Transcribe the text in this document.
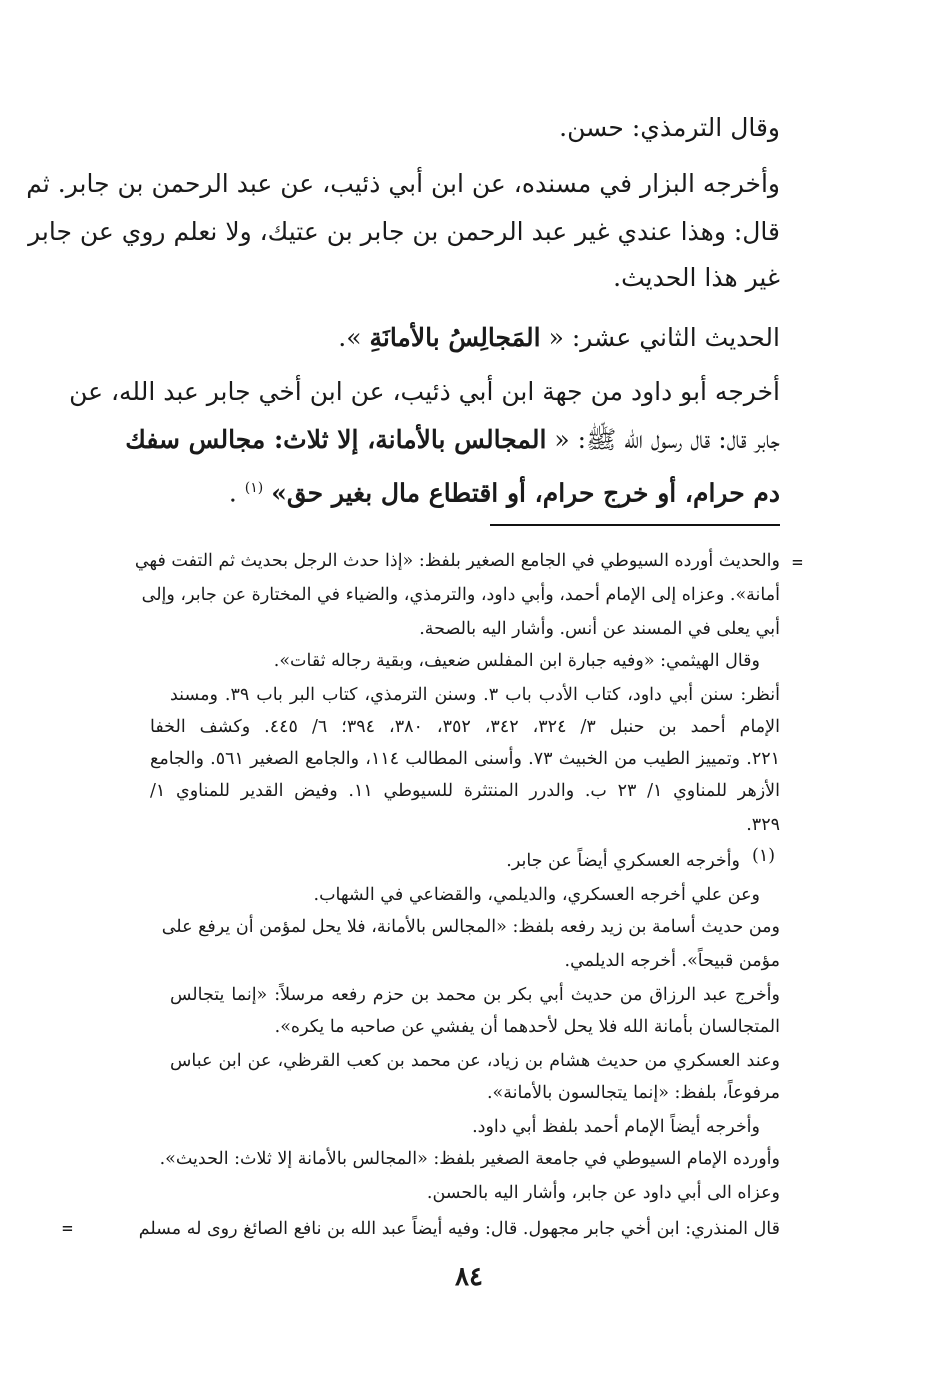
وقال الترمذي: حسن.
وأخرجه البزار في مسنده، عن ابن أبي ذئيب، عن عبد الرحمن بن جابر. ثم
قال: وهذا عندي غير عبد الرحمن بن جابر بن عتيك، ولا نعلم روي عن جابر
غير هذا الحديث.
الحديث الثاني عشر: « المَجالِسُ بالأمانَةِ ».
أخرجه أبو داود من جهة ابن أبي ذئيب، عن ابن أخي جابر عبد الله، عن
جابر قال: قال رسول الله ﷺ: « المجالس بالأمانة، إلا ثلاث: مجالس سفك
دم حرام، أو خرج حرام، أو اقتطاع مال بغير حق» $^{(١)}$ .
=
والحديث أورده السيوطي في الجامع الصغير بلفظ: «إذا حدث الرجل بحديث ثم التفت فهي
أمانة». وعزاه إلى الإمام أحمد، وأبي داود، والترمذي، والضياء في المختارة عن جابر، وإلى
أبي يعلى في المسند عن أنس. وأشار اليه بالصحة.
وقال الهيثمي: «وفيه جبارة ابن المفلس ضعيف، وبقية رجاله ثقات».
أنظر: سنن أبي داود، كتاب الأدب باب ٣. وسنن الترمذي، كتاب البر باب ٣٩. ومسند
الإمام أحمد بن حنبل ٣/ ٣٢٤، ٣٤٢، ٣٥٢، ٣٨٠، ٣٩٤؛ ٦/ ٤٤٥. وكشف الخفا
٢٢١. وتمييز الطيب من الخبيث ٧٣. وأسنى المطالب ١١٤، والجامع الصغير ٥٦١. والجامع
الأزهر للمناوي ١/ ٢٣ ب. والدرر المنتثرة للسيوطي ١١. وفيض القدير للمناوي ١/
٣٢٩.
(١)
وأخرجه العسكري أيضاً عن جابر.
وعن علي أخرجه العسكري، والديلمي، والقضاعي في الشهاب.
ومن حديث أسامة بن زيد رفعه بلفظ: «المجالس بالأمانة، فلا يحل لمؤمن أن يرفع على
مؤمن قبيحاً». أخرجه الديلمي.
وأخرج عبد الرزاق من حديث أبي بكر بن محمد بن حزم رفعه مرسلاً: «إنما يتجالس
المتجالسان بأمانة الله فلا يحل لأحدهما أن يفشي عن صاحبه ما يكره».
وعند العسكري من حديث هشام بن زياد، عن محمد بن كعب القرظي، عن ابن عباس
مرفوعاً، بلفظ: «إنما يتجالسون بالأمانة».
وأخرجه أيضاً الإمام أحمد بلفظ أبي داود.
وأورده الإمام السيوطي في جامعة الصغير بلفظ: «المجالس بالأمانة إلا ثلاث: الحديث».
وعزاه الى أبي داود عن جابر، وأشار اليه بالحسن.
قال المنذري: ابن أخي جابر مجهول. قال: وفيه أيضاً عبد الله بن نافع الصائغ روى له مسلم
=
٨٤
